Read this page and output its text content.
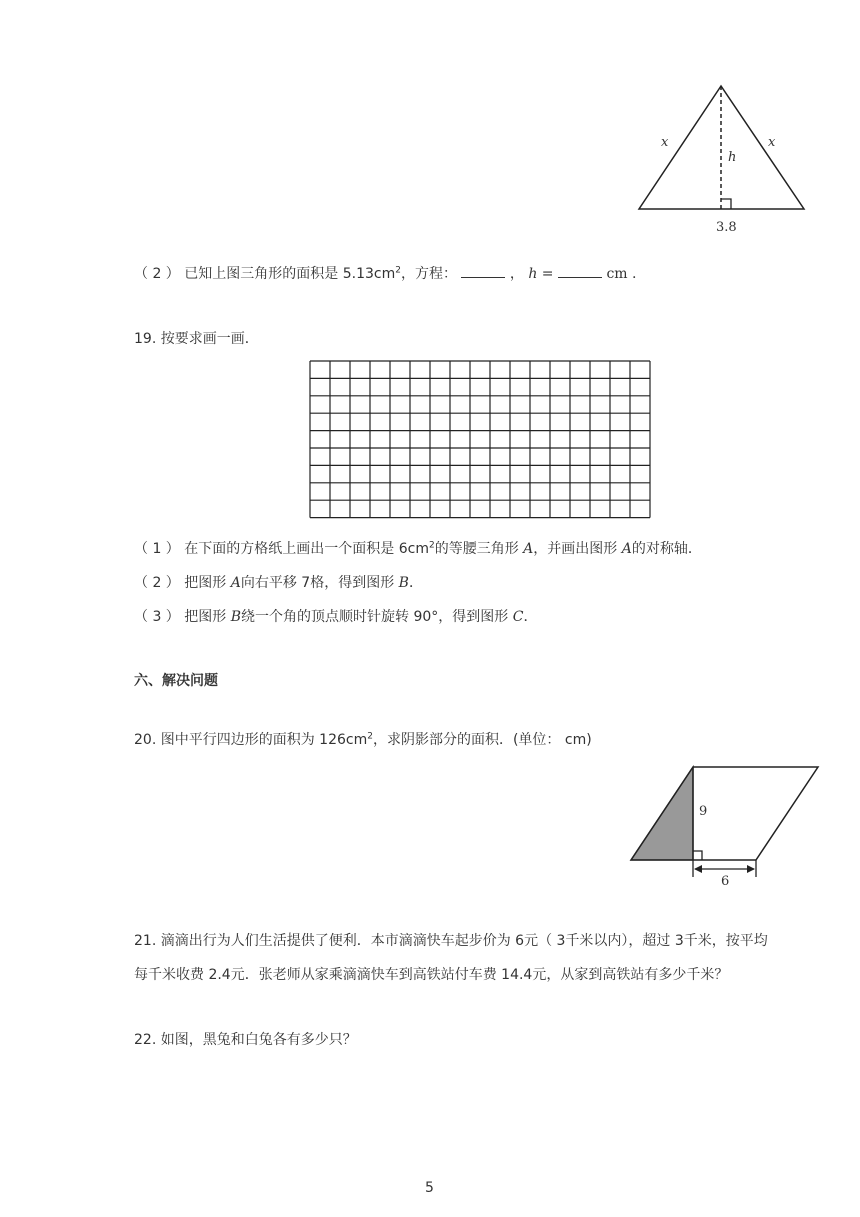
x	x
h
3.8
（ 2 ） 已知上图三角形的面积是 $5.13cm^2$，方程：	， h =	cm .
19. 按要求画一画．
（ 1 ） 在下面的方格纸上画出一个面积是 $6cm^2$的等腰三角形 A，并画出图形 A的对称轴．
（ 2 ） 把图形 A向右平移 7格，得到图形 B．
（ 3 ） 把图形 B绕一个角的顶点顺时针旋转 90°，得到图形 C．
六、解决问题
20. 图中平行四边形的面积为 $126cm^2$，求阴影部分的面积．(单位： cm)
9
6
21. 滴滴出行为人们生活提供了便利．本市滴滴快车起步价为 6元（ 3千米以内），超过 3千米，按平均
每千米收费 2.4元．张老师从家乘滴滴快车到高铁站付车费 14.4元，从家到高铁站有多少千米？
22. 如图，黑兔和白兔各有多少只？
5
